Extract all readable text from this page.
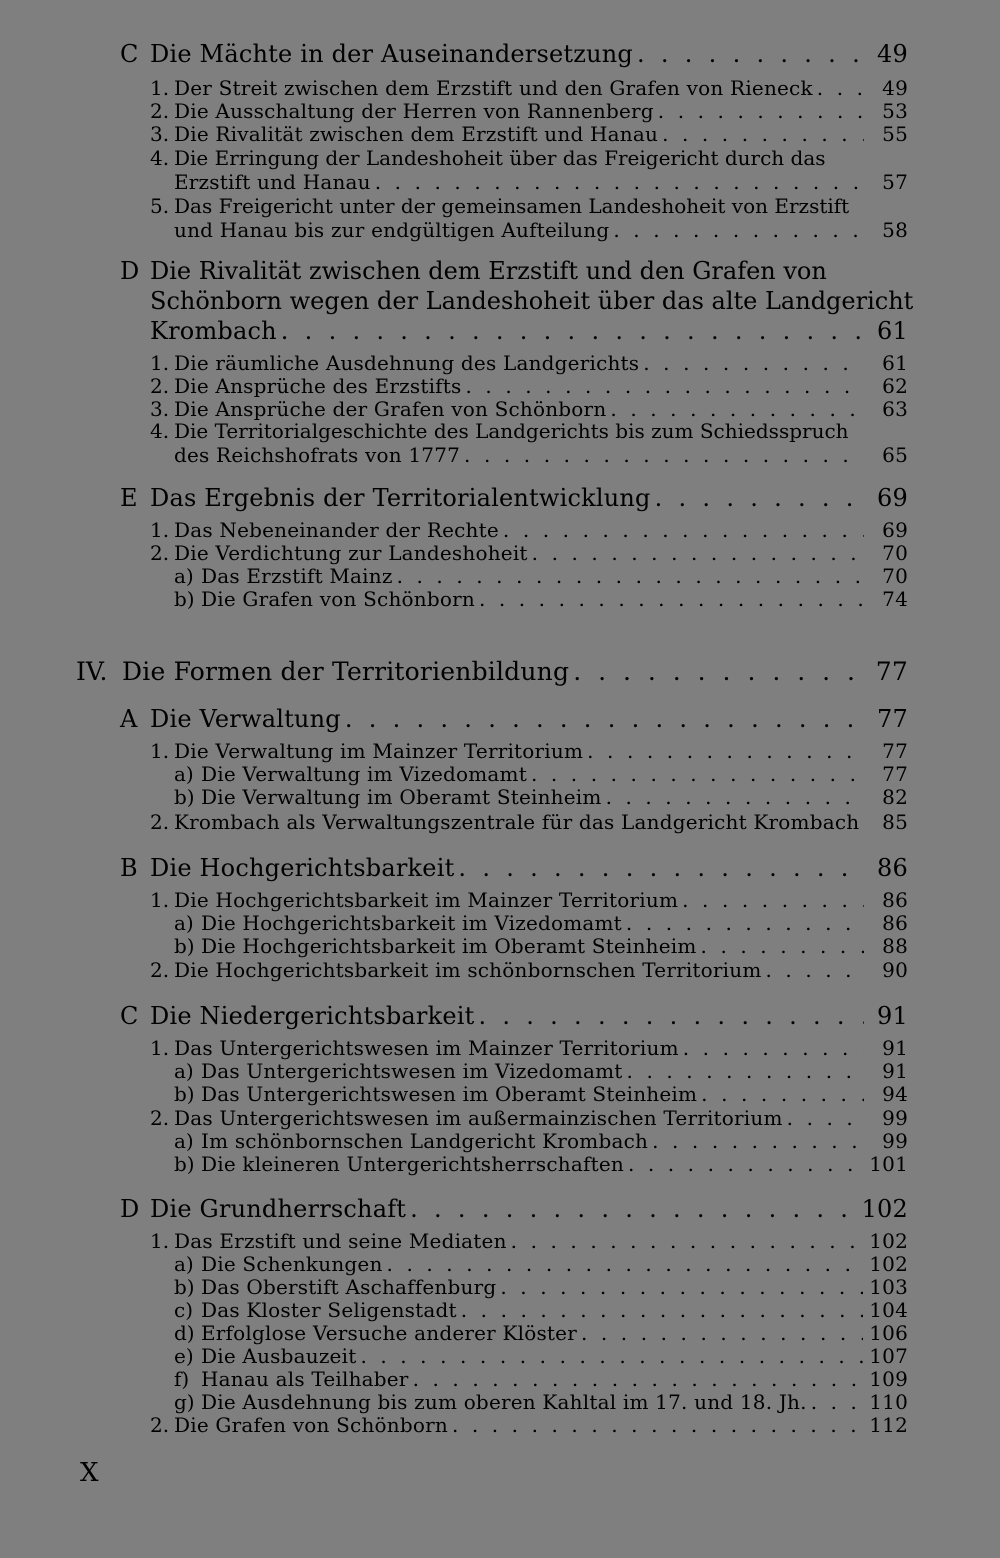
C Die Mächte in der Auseinandersetzung . . .	49
1. Der Streit zwischen dem Erzstift und den Grafen von Rieneck . . .	49
2. Die Ausschaltung der Herren von Rannenberg . . .	53
3. Die Rivalität zwischen dem Erzstift und Hanau . . .	55
4. Die Erringung der Landeshoheit über das Freigericht durch das
Erzstift und Hanau . . .	57
5. Das Freigericht unter der gemeinsamen Landeshoheit von Erzstift
und Hanau bis zur endgültigen Aufteilung . . .	58
D Die Rivalität zwischen dem Erzstift und den Grafen von
Schönborn wegen der Landeshoheit über das alte Landgericht
Krombach . . .	61
1. Die räumliche Ausdehnung des Landgerichts . . .	61
2. Die Ansprüche des Erzstifts . . .	62
3. Die Ansprüche der Grafen von Schönborn . . .	63
4. Die Territorialgeschichte des Landgerichts bis zum Schiedsspruch
des Reichshofrats von 1777 . . .	65
E Das Ergebnis der Territorialentwicklung . . .	69
1. Das Nebeneinander der Rechte . . .	69
2. Die Verdichtung zur Landeshoheit . . .	70
a) Das Erzstift Mainz . . .	70
b) Die Grafen von Schönborn . . .	74
IV. Die Formen der Territorienbildung . . .	77
A Die Verwaltung . . .	77
1. Die Verwaltung im Mainzer Territorium . . .	77
a) Die Verwaltung im Vizedomamt . . .	77
b) Die Verwaltung im Oberamt Steinheim . . .	82
2. Krombach als Verwaltungszentrale für das Landgericht Krombach . . .	85
B Die Hochgerichtsbarkeit . . .	86
1. Die Hochgerichtsbarkeit im Mainzer Territorium . . .	86
a) Die Hochgerichtsbarkeit im Vizedomamt . . .	86
b) Die Hochgerichtsbarkeit im Oberamt Steinheim . . .	88
2. Die Hochgerichtsbarkeit im schönbornschen Territorium . . .	90
C Die Niedergerichtsbarkeit . . .	91
1. Das Untergerichtswesen im Mainzer Territorium . . .	91
a) Das Untergerichtswesen im Vizedomamt . . .	91
b) Das Untergerichtswesen im Oberamt Steinheim . . .	94
2. Das Untergerichtswesen im außermainzischen Territorium . . .	99
a) Im schönbornschen Landgericht Krombach . . .	99
b) Die kleineren Untergerichtsherrschaften . . .	101
D Die Grundherrschaft . . .	102
1. Das Erzstift und seine Mediaten . . .	102
a) Die Schenkungen . . .	102
b) Das Oberstift Aschaffenburg . . .	103
c) Das Kloster Seligenstadt . . .	104
d) Erfolglose Versuche anderer Klöster . . .	106
e) Die Ausbauzeit . . .	107
f) Hanau als Teilhaber . . .	109
g) Die Ausdehnung bis zum oberen Kahltal im 17. und 18. Jh. . . .	110
2. Die Grafen von Schönborn . . .	112
X
